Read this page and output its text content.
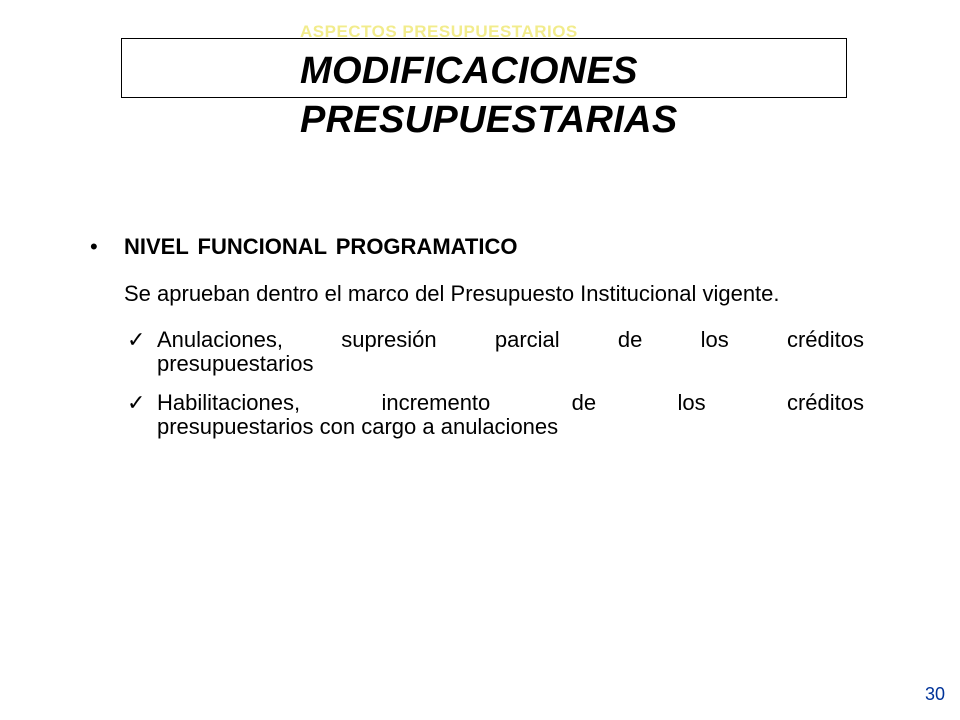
ASPECTOS PRESUPUESTARIOS
MODIFICACIONES
PRESUPUESTARIAS
• NIVEL FUNCIONAL PROGRAMATICO

Se aprueban dentro el marco del Presupuesto Institucional vigente.

✓ Anulaciones, supresión parcial de los créditos
presupuestarios
✓ Habilitaciones, incremento de los créditos
presupuestarios con cargo a anulaciones
30
